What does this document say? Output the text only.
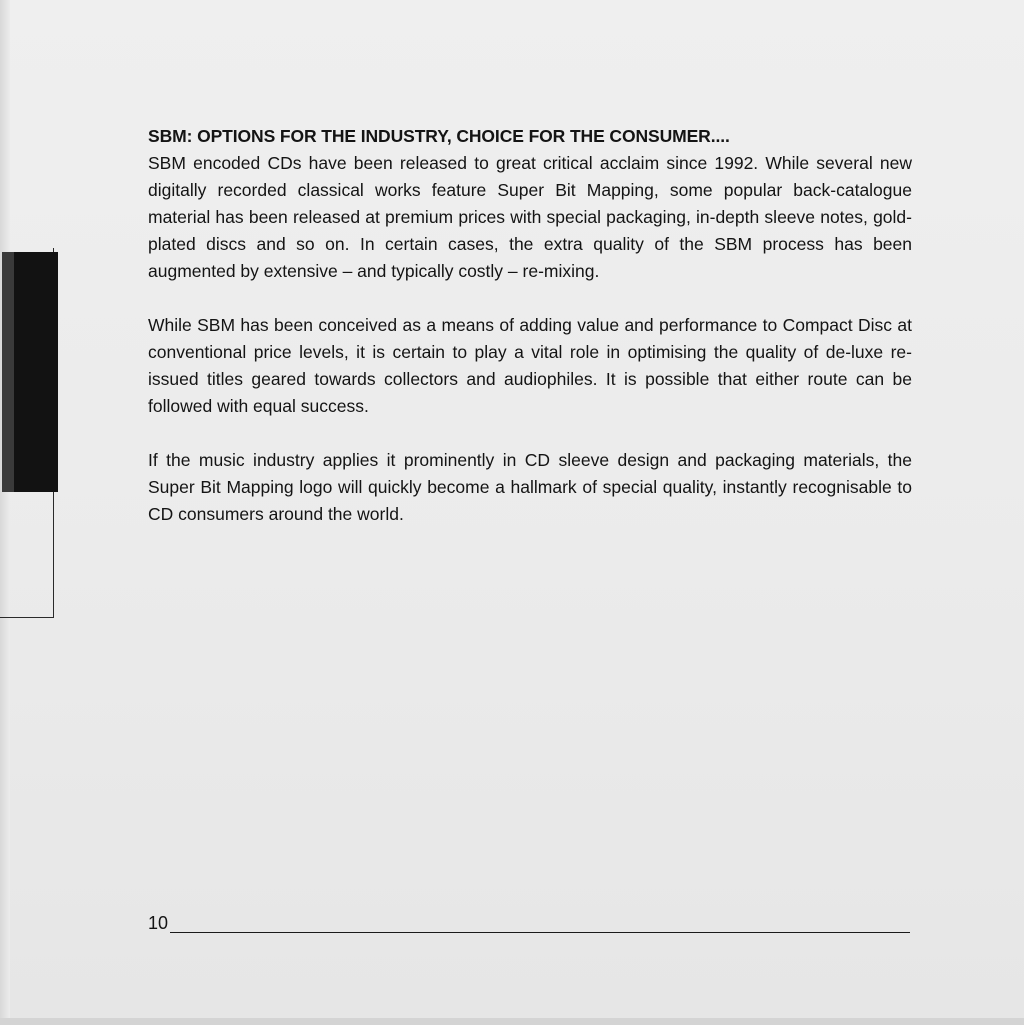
SBM: OPTIONS FOR THE INDUSTRY, CHOICE FOR THE CONSUMER....

SBM encoded CDs have been released to great critical acclaim since 1992. While several new digitally recorded classical works feature Super Bit Mapping, some popular back-catalogue material has been released at premium prices with special packaging, in-depth sleeve notes, gold-plated discs and so on. In certain cases, the extra quality of the SBM process has been augmented by extensive – and typically costly – re-mixing.

While SBM has been conceived as a means of adding value and performance to Compact Disc at conventional price levels, it is certain to play a vital role in optimising the quality of de-luxe re-issued titles geared towards collectors and audiophiles. It is possible that either route can be followed with equal success.

If the music industry applies it prominently in CD sleeve design and packaging materials, the Super Bit Mapping logo will quickly become a hallmark of special quality, instantly recognisable to CD consumers around the world.

10
